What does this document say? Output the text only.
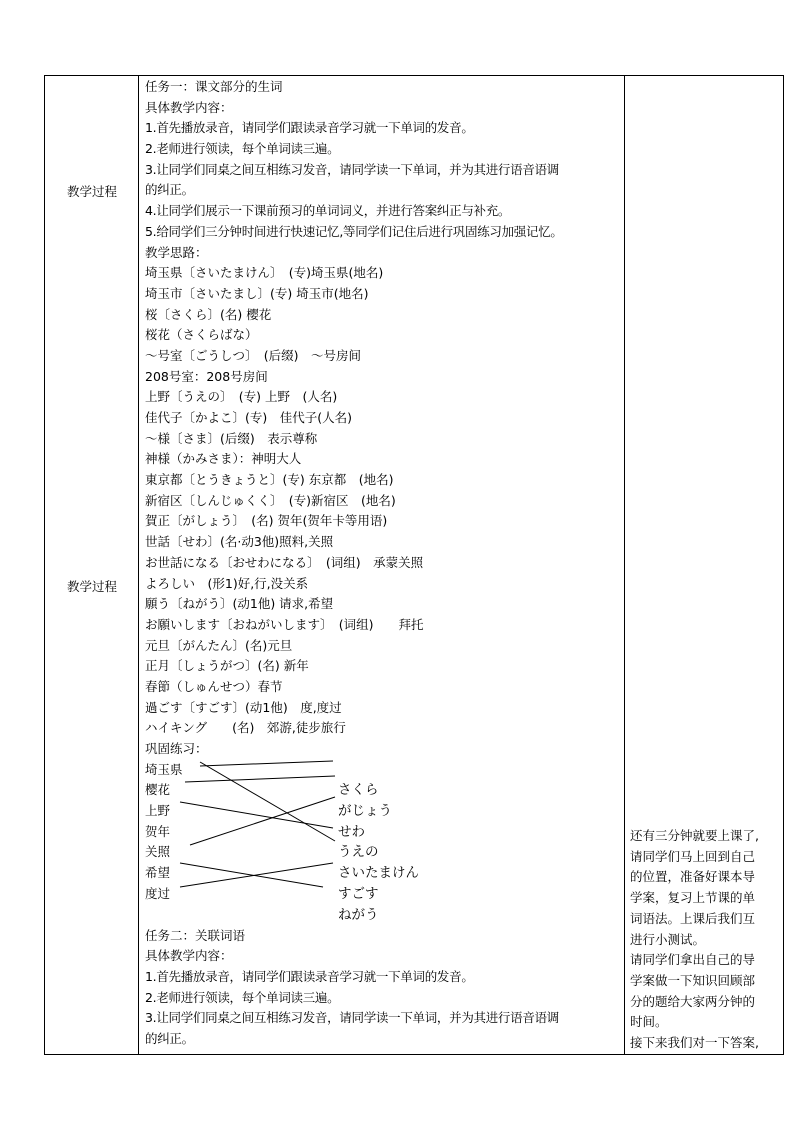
教学过程
教学过程
任务一：课文部分的生词
具体教学内容：
1.首先播放录音，请同学们跟读录音学习就一下单词的发音。
2.老师进行领读，每个单词读三遍。
3.让同学们同桌之间互相练习发音，请同学读一下单词，并为其进行语音语调
的纠正。
4.让同学们展示一下课前预习的单词词义，并进行答案纠正与补充。
5.给同学们三分钟时间进行快速记忆,等同学们记住后进行巩固练习加强记忆。
教学思路：
埼玉県〔さいたまけん〕　(专)埼玉県(地名)
埼玉市〔さいたまし〕(专) 埼玉市(地名)
桜〔さくら〕(名) 樱花
桜花（さくらばな）
～号室〔ごうしつ〕　(后缀)　～号房间
208号室：208号房间
上野〔うえの〕　(专) 上野　(人名)
佳代子〔かよこ〕(专)　佳代子(人名)
～様〔さま〕(后缀)　表示尊称
神様（かみさま）：神明大人
東京都〔とうきょうと〕(专) 东京都　(地名)
新宿区〔しんじゅくく〕　(专)新宿区　(地名)
賀正〔がしょう〕　(名) 贺年(贺年卡等用语)
世話〔せわ〕(名·动3他)照料,关照
お世話になる〔おせわになる〕　(词组)　承蒙关照
よろしい　(形1)好,行,没关系
願う〔ねがう〕(动1他) 请求,希望
お願いします〔おねがいします〕　(词组)　　拜托
元旦〔がんたん〕(名)元旦
正月〔しょうがつ〕(名) 新年
春節（しゅんせつ）春节
過ごす〔すごす〕(动1他)　度,度过
ハイキング　　(名)　郊游,徒步旅行
巩固练习：
埼玉県
樱花
上野
贺年
关照
希望
度过
さくら
がじょう
せわ
うえの
さいたまけん
すごす
ねがう
任务二：关联词语
具体教学内容：
1.首先播放录音，请同学们跟读录音学习就一下单词的发音。
2.老师进行领读，每个单词读三遍。
3.让同学们同桌之间互相练习发音，请同学读一下单词，并为其进行语音语调
的纠正。
还有三分钟就要上课了,
请同学们马上回到自己
的位置，准备好课本导
学案，复习上节课的单
词语法。上课后我们互
进行小测试。
请同学们拿出自己的导
学案做一下知识回顾部
分的题给大家两分钟的
时间。
接下来我们对一下答案,
